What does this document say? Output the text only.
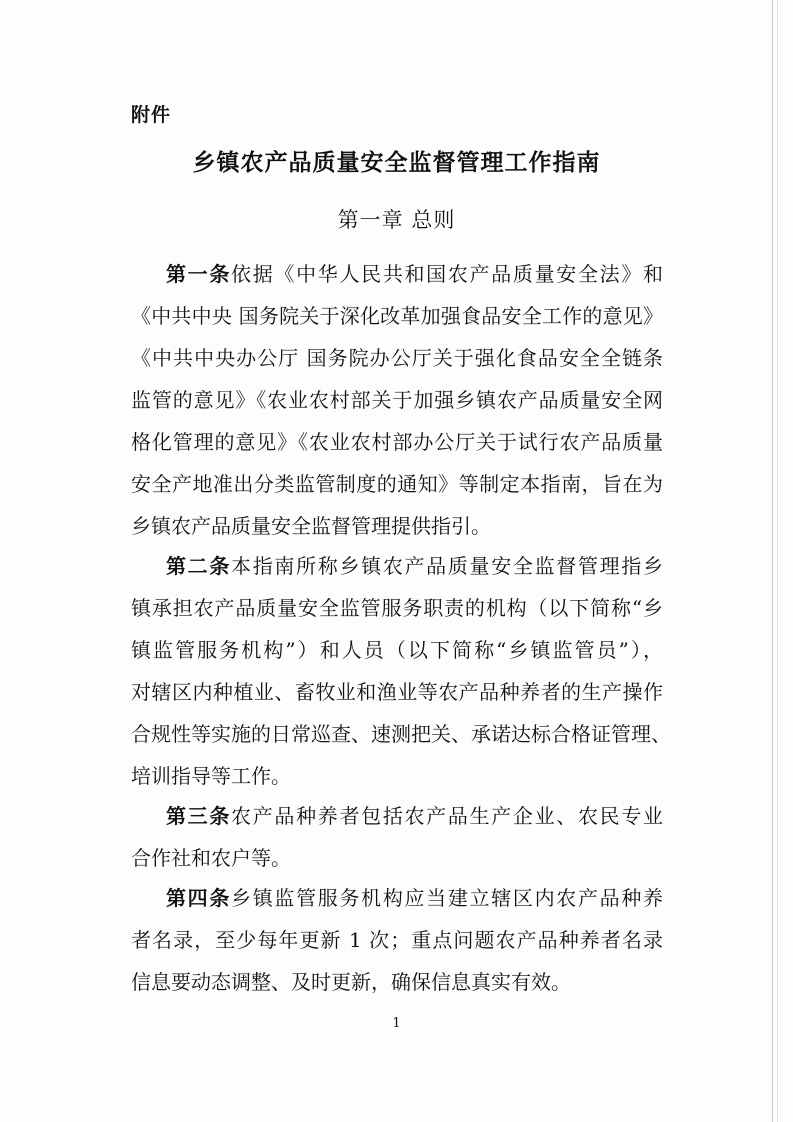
附件
乡镇农产品质量安全监督管理工作指南
第一章 总则
第一条依据《中华人民共和国农产品质量安全法》和
《中共中央 国务院关于深化改革加强食品安全工作的意见》
《中共中央办公厅 国务院办公厅关于强化食品安全全链条
监管的意见》《农业农村部关于加强乡镇农产品质量安全网
格化管理的意见》《农业农村部办公厅关于试行农产品质量
安全产地准出分类监管制度的通知》等制定本指南，旨在为
乡镇农产品质量安全监督管理提供指引。
第二条本指南所称乡镇农产品质量安全监督管理指乡
镇承担农产品质量安全监管服务职责的机构（以下简称“乡
镇监管服务机构”）和人员（以下简称“乡镇监管员”），
对辖区内种植业、畜牧业和渔业等农产品种养者的生产操作
合规性等实施的日常巡查、速测把关、承诺达标合格证管理、
培训指导等工作。
第三条农产品种养者包括农产品生产企业、农民专业
合作社和农户等。
第四条乡镇监管服务机构应当建立辖区内农产品种养
者名录，至少每年更新 1 次；重点问题农产品种养者名录
信息要动态调整、及时更新，确保信息真实有效。
1
